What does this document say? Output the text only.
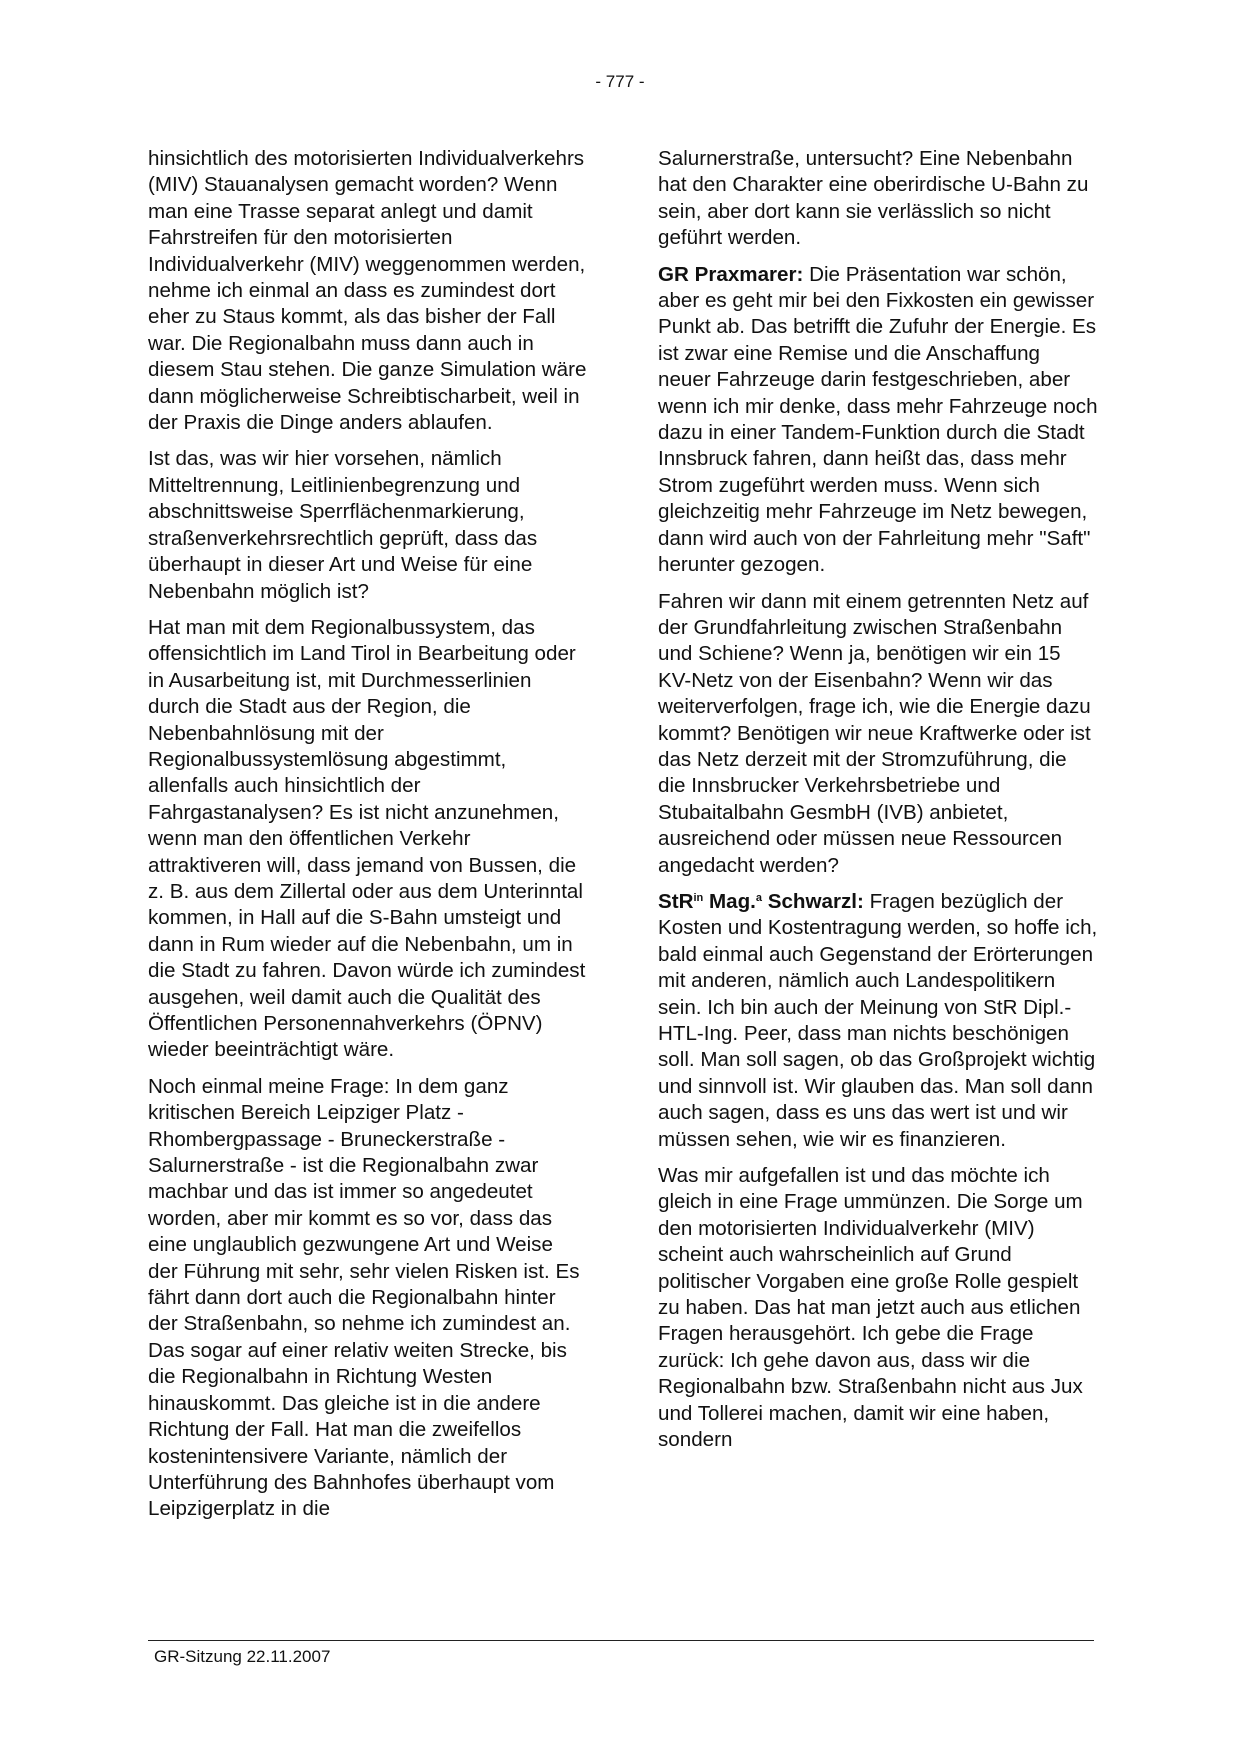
- 777 -

hinsichtlich des motorisierten Individualverkehrs (MIV) Stauanalysen gemacht worden? Wenn man eine Trasse separat anlegt und damit Fahrstreifen für den motorisierten Individualverkehr (MIV) weggenommen werden, nehme ich einmal an dass es zumindest dort eher zu Staus kommt, als das bisher der Fall war. Die Regionalbahn muss dann auch in diesem Stau stehen. Die ganze Simulation wäre dann möglicherweise Schreibtischarbeit, weil in der Praxis die Dinge anders ablaufen.

Ist das, was wir hier vorsehen, nämlich Mitteltrennung, Leitlinienbegrenzung und abschnittsweise Sperrflächenmarkierung, straßenverkehrsrechtlich geprüft, dass das überhaupt in dieser Art und Weise für eine Nebenbahn möglich ist?

Hat man mit dem Regionalbussystem, das offensichtlich im Land Tirol in Bearbeitung oder in Ausarbeitung ist, mit Durchmesserlinien durch die Stadt aus der Region, die Nebenbahnlösung mit der Regionalbussystemlösung abgestimmt, allenfalls auch hinsichtlich der Fahrgastanalysen? Es ist nicht anzunehmen, wenn man den öffentlichen Verkehr attraktiveren will, dass jemand von Bussen, die z. B. aus dem Zillertal oder aus dem Unterinntal kommen, in Hall auf die S-Bahn umsteigt und dann in Rum wieder auf die Nebenbahn, um in die Stadt zu fahren. Davon würde ich zumindest ausgehen, weil damit auch die Qualität des Öffentlichen Personennahverkehrs (ÖPNV) wieder beeinträchtigt wäre.

Noch einmal meine Frage: In dem ganz kritischen Bereich Leipziger Platz - Rhombergpassage - Bruneckerstraße - Salurnerstraße - ist die Regionalbahn zwar machbar und das ist immer so angedeutet worden, aber mir kommt es so vor, dass das eine unglaublich gezwungene Art und Weise der Führung mit sehr, sehr vielen Risken ist. Es fährt dann dort auch die Regionalbahn hinter der Straßenbahn, so nehme ich zumindest an. Das sogar auf einer relativ weiten Strecke, bis die Regionalbahn in Richtung Westen hinauskommt. Das gleiche ist in die andere Richtung der Fall. Hat man die zweifellos kostenintensivere Variante, nämlich der Unterführung des Bahnhofes überhaupt vom Leipzigerplatz in die

Salurnerstraße, untersucht? Eine Nebenbahn hat den Charakter eine oberirdische U-Bahn zu sein, aber dort kann sie verlässlich so nicht geführt werden.

GR Praxmarer: Die Präsentation war schön, aber es geht mir bei den Fixkosten ein gewisser Punkt ab. Das betrifft die Zufuhr der Energie. Es ist zwar eine Remise und die Anschaffung neuer Fahrzeuge darin festgeschrieben, aber wenn ich mir denke, dass mehr Fahrzeuge noch dazu in einer Tandem-Funktion durch die Stadt Innsbruck fahren, dann heißt das, dass mehr Strom zugeführt werden muss. Wenn sich gleichzeitig mehr Fahrzeuge im Netz bewegen, dann wird auch von der Fahrleitung mehr "Saft" herunter gezogen.

Fahren wir dann mit einem getrennten Netz auf der Grundfahrleitung zwischen Straßenbahn und Schiene? Wenn ja, benötigen wir ein 15 KV-Netz von der Eisenbahn? Wenn wir das weiterverfolgen, frage ich, wie die Energie dazu kommt? Benötigen wir neue Kraftwerke oder ist das Netz derzeit mit der Stromzuführung, die die Innsbrucker Verkehrsbetriebe und Stubaitalbahn GesmbH (IVB) anbietet, ausreichend oder müssen neue Ressourcen angedacht werden?

StR$^{in}$ Mag.$^a$ Schwarzl: Fragen bezüglich der Kosten und Kostentragung werden, so hoffe ich, bald einmal auch Gegenstand der Erörterungen mit anderen, nämlich auch Landespolitikern sein. Ich bin auch der Meinung von StR Dipl.-HTL-Ing. Peer, dass man nichts beschönigen soll. Man soll sagen, ob das Großprojekt wichtig und sinnvoll ist. Wir glauben das. Man soll dann auch sagen, dass es uns das wert ist und wir müssen sehen, wie wir es finanzieren.

Was mir aufgefallen ist und das möchte ich gleich in eine Frage ummünzen. Die Sorge um den motorisierten Individualverkehr (MIV) scheint auch wahrscheinlich auf Grund politischer Vorgaben eine große Rolle gespielt zu haben. Das hat man jetzt auch aus etlichen Fragen herausgehört. Ich gebe die Frage zurück: Ich gehe davon aus, dass wir die Regionalbahn bzw. Straßenbahn nicht aus Jux und Tollerei machen, damit wir eine haben, sondern

GR-Sitzung 22.11.2007
